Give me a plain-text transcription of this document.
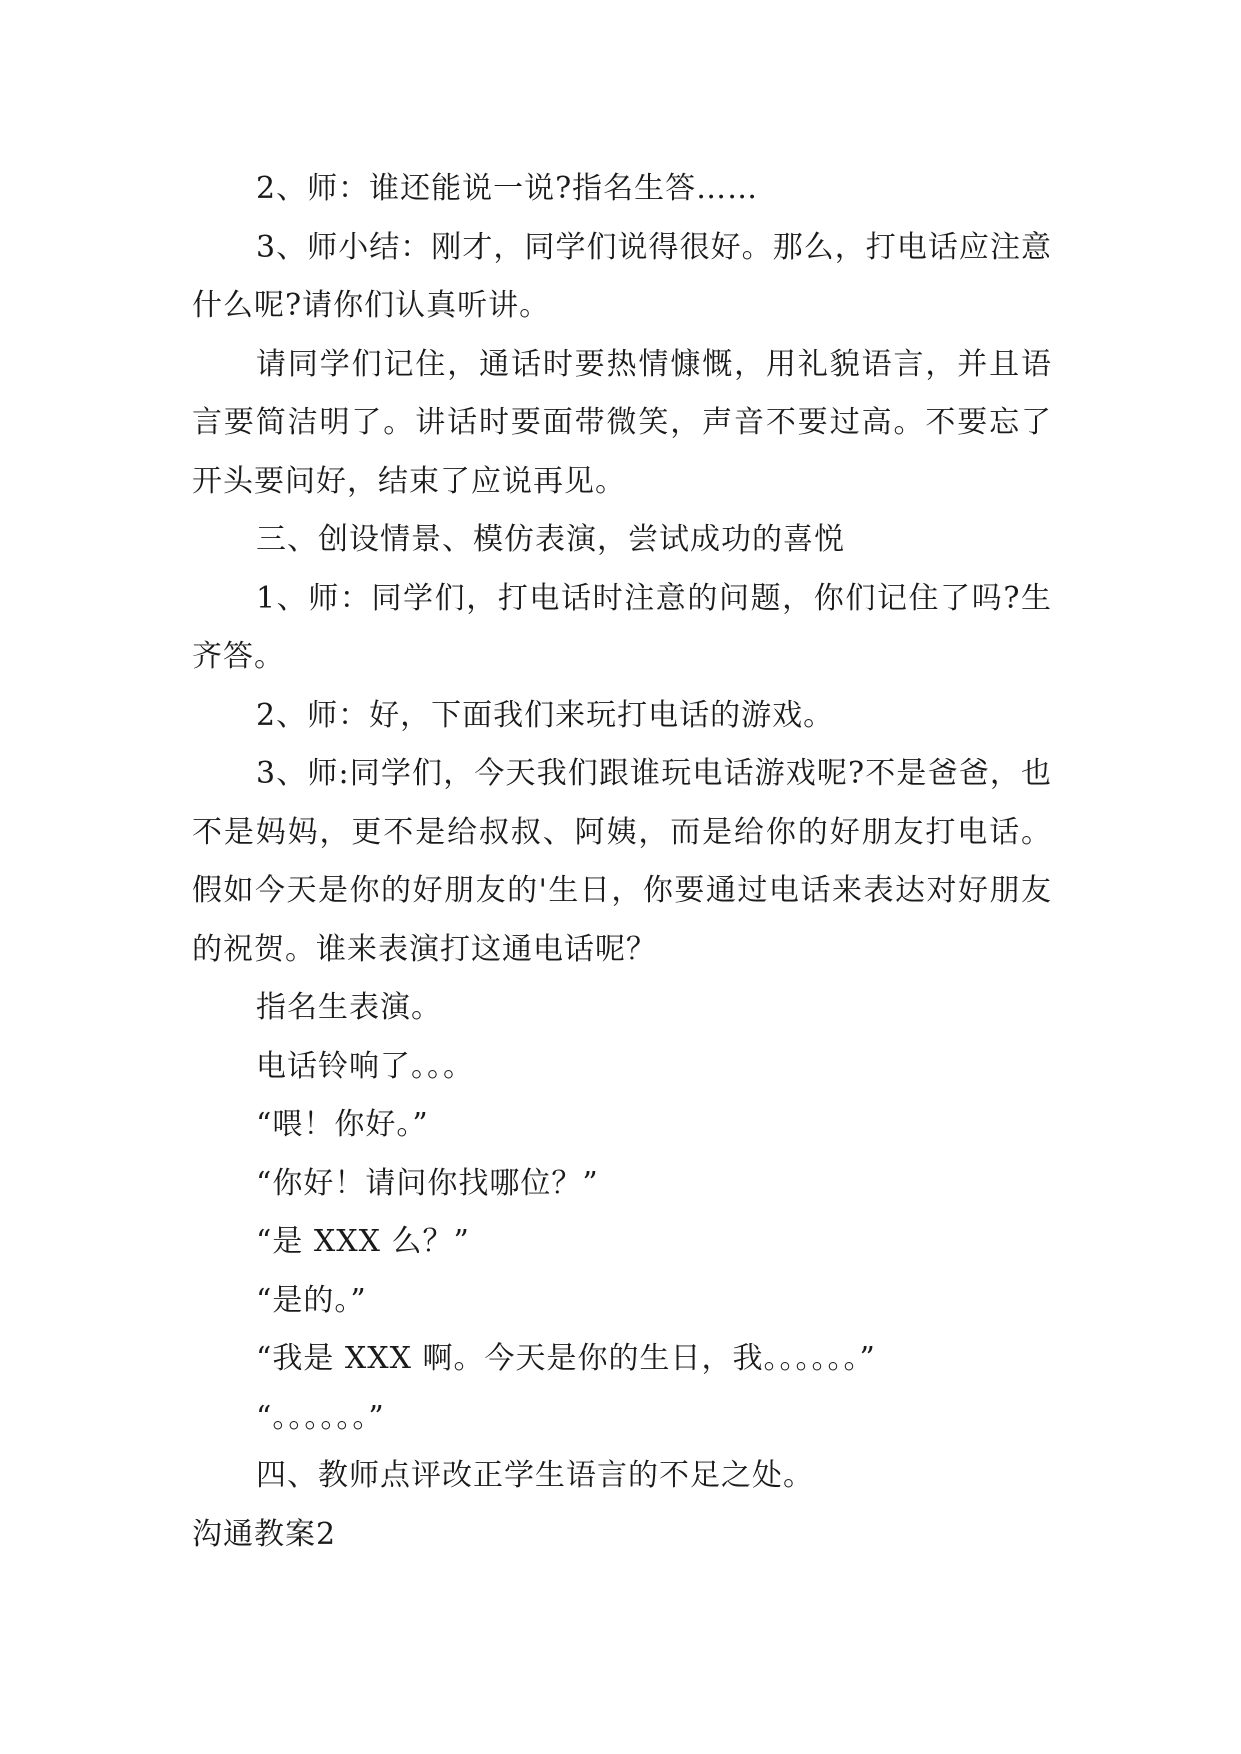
2、师：谁还能说一说?指名生答……

3、师小结：刚才，同学们说得很好。那么，打电话应注意什么呢?请你们认真听讲。

请同学们记住，通话时要热情慷慨，用礼貌语言，并且语言要简洁明了。讲话时要面带微笑，声音不要过高。不要忘了开头要问好，结束了应说再见。

三、创设情景、模仿表演，尝试成功的喜悦

1、师：同学们，打电话时注意的问题，你们记住了吗?生齐答。

2、师：好，下面我们来玩打电话的游戏。

3、师:同学们，今天我们跟谁玩电话游戏呢?不是爸爸，也不是妈妈，更不是给叔叔、阿姨，而是给你的好朋友打电话。假如今天是你的好朋友的'生日，你要通过电话来表达对好朋友的祝贺。谁来表演打这通电话呢？

指名生表演。

电话铃响了。。。

“喂！你好。”

“你好！请问你找哪位？”

“是 XXX 么？”

“是的。”

“我是 XXX 啊。今天是你的生日，我。。。。。。”

“。。。。。。”

四、教师点评改正学生语言的不足之处。

沟通教案2
